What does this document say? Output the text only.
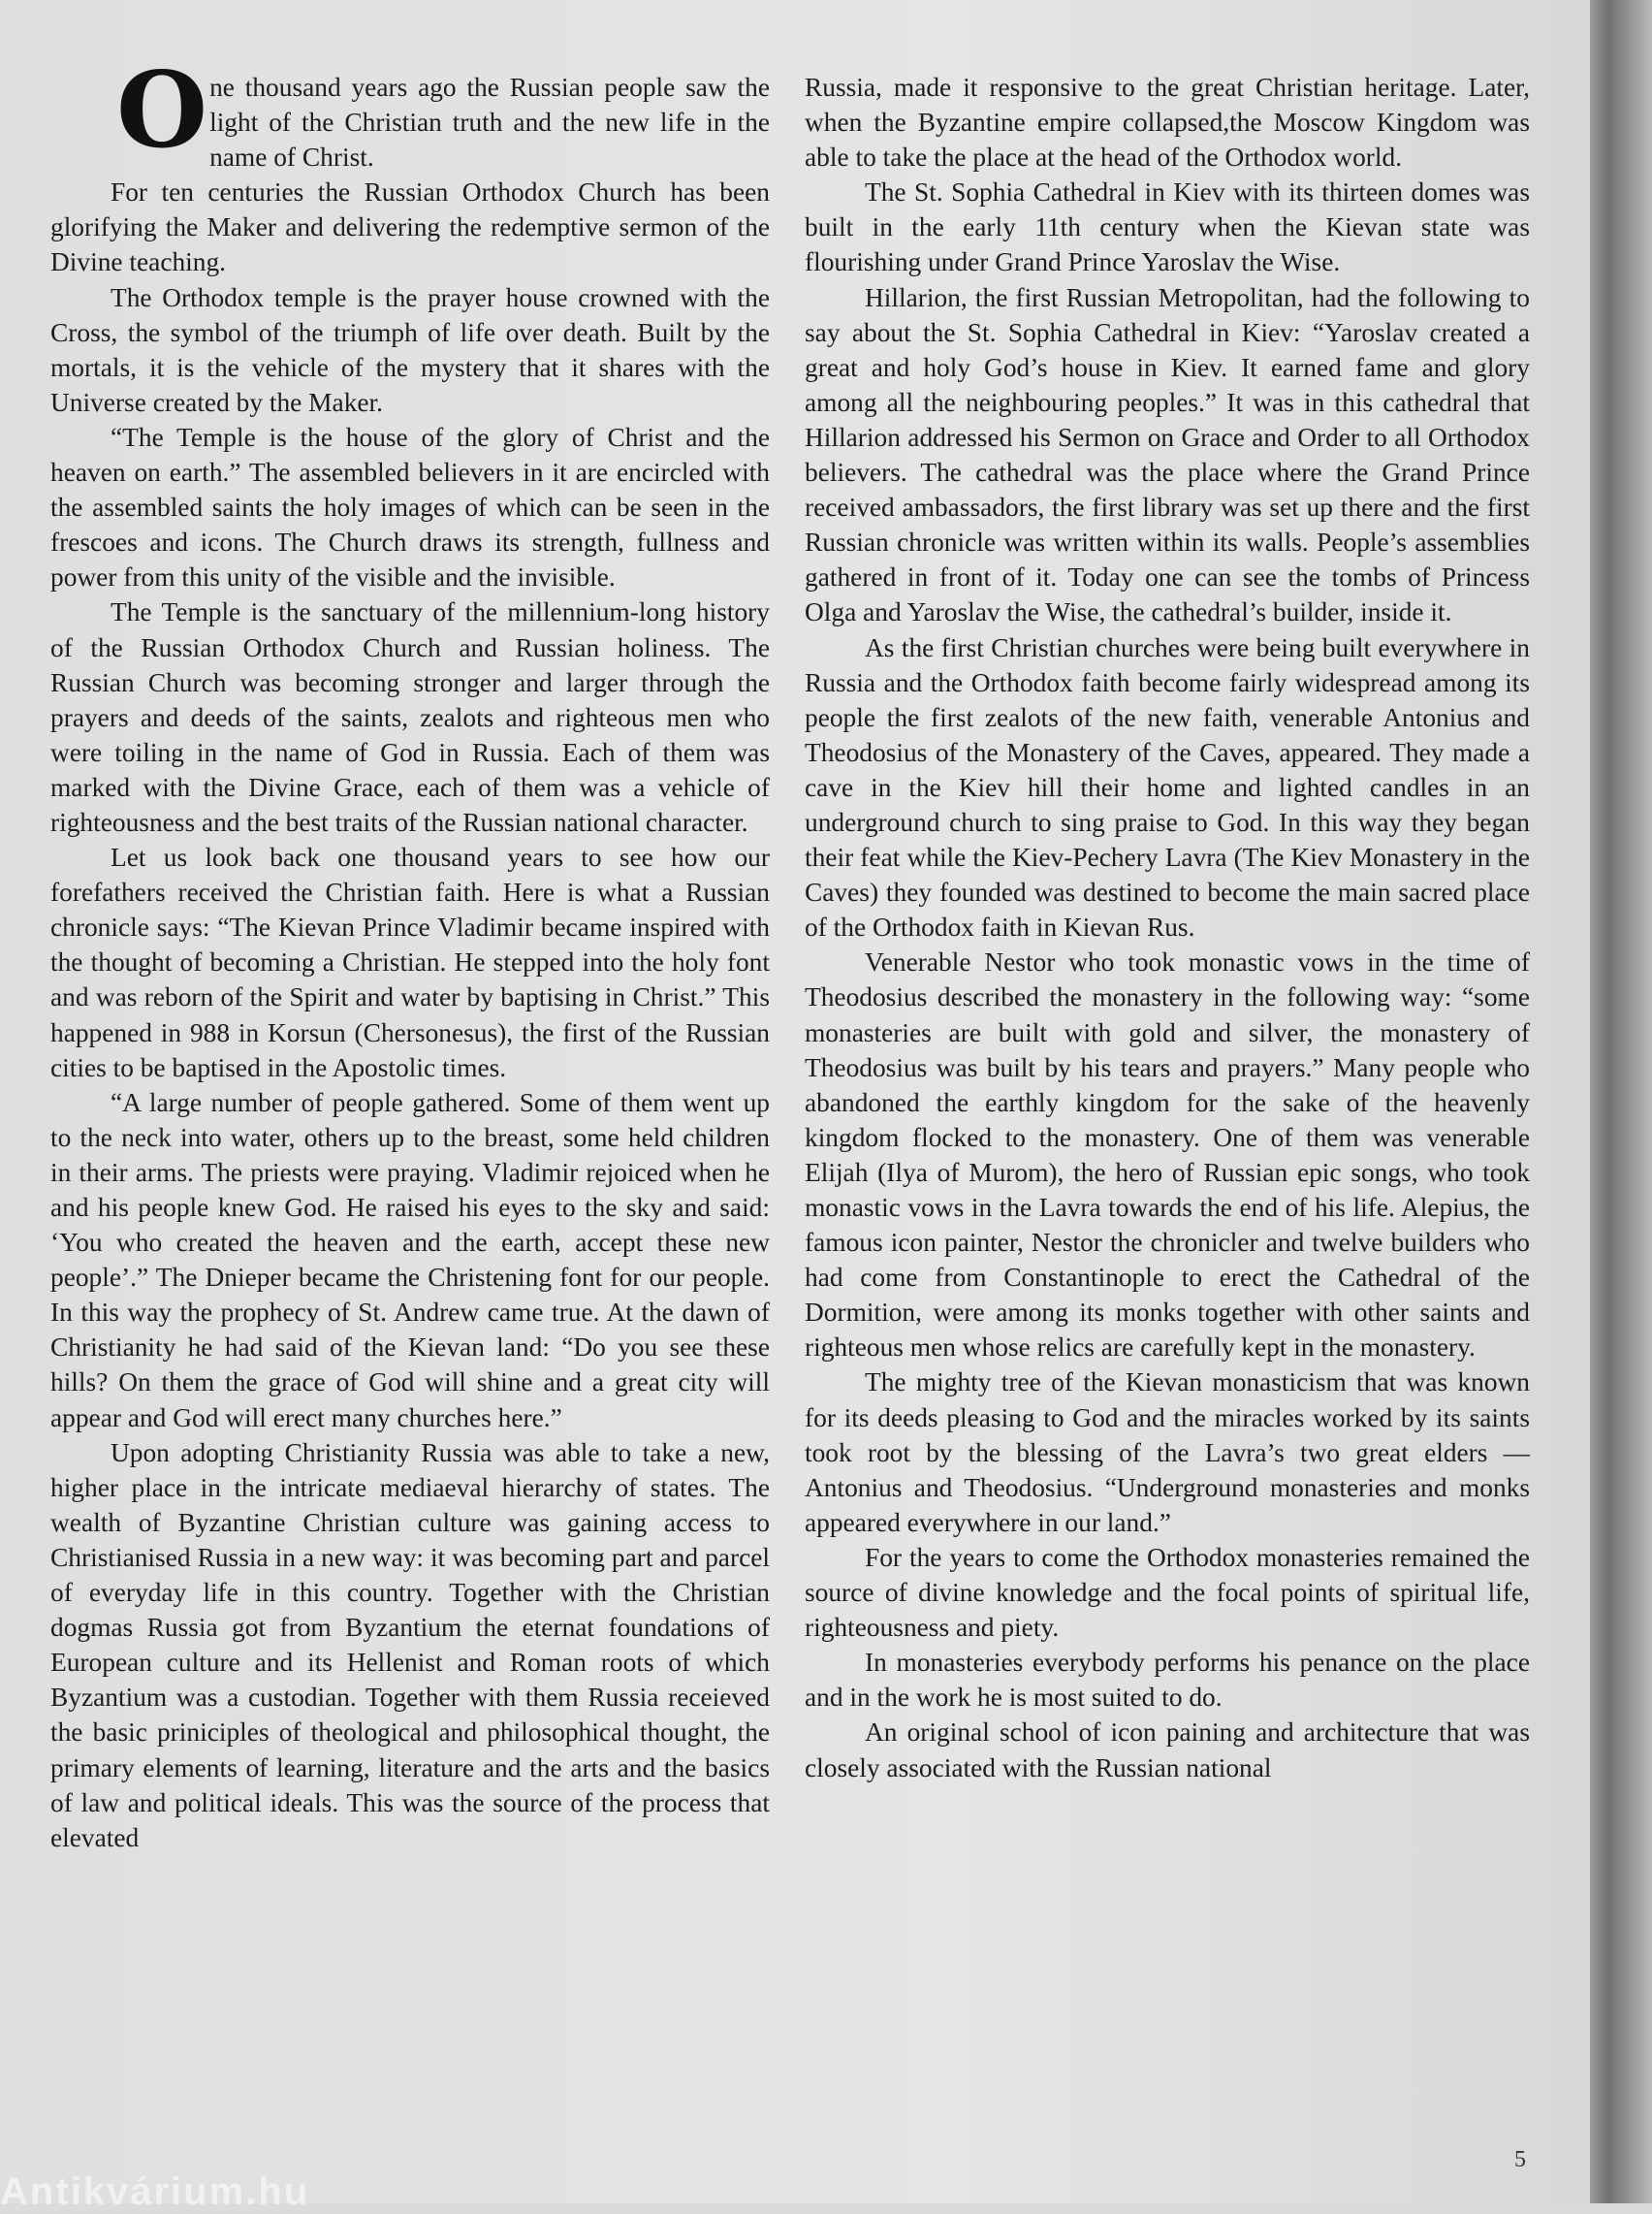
One thousand years ago the Russian people saw the light of the Christian truth and the new life in the name of Christ.

For ten centuries the Russian Orthodox Church has been glorifying the Maker and delivering the redemptive sermon of the Divine teaching.

The Orthodox temple is the prayer house crowned with the Cross, the symbol of the triumph of life over death. Built by the mortals, it is the vehicle of the mystery that it shares with the Universe created by the Maker.

“The Temple is the house of the glory of Christ and the heaven on earth.” The assembled believers in it are encircled with the assembled saints the holy images of which can be seen in the frescoes and icons. The Church draws its strength, fullness and power from this unity of the visible and the invisible.

The Temple is the sanctuary of the millennium-long history of the Russian Orthodox Church and Russian holiness. The Russian Church was becoming stronger and larger through the prayers and deeds of the saints, zealots and righteous men who were toiling in the name of God in Russia. Each of them was marked with the Divine Grace, each of them was a vehicle of righteousness and the best traits of the Russian national character.

Let us look back one thousand years to see how our forefathers received the Christian faith. Here is what a Russian chronicle says: “The Kievan Prince Vladimir became inspired with the thought of becoming a Christian. He stepped into the holy font and was reborn of the Spirit and water by baptising in Christ.” This happened in 988 in Korsun (Chersonesus), the first of the Russian cities to be baptised in the Apostolic times.

“A large number of people gathered. Some of them went up to the neck into water, others up to the breast, some held children in their arms. The priests were praying. Vladimir rejoiced when he and his people knew God. He raised his eyes to the sky and said: ‘You who created the heaven and the earth, accept these new people’.” The Dnieper became the Christening font for our people. In this way the prophecy of St. Andrew came true. At the dawn of Christianity he had said of the Kievan land: “Do you see these hills? On them the grace of God will shine and a great city will appear and God will erect many churches here.”

Upon adopting Christianity Russia was able to take a new, higher place in the intricate mediaeval hierarchy of states. The wealth of Byzantine Christian culture was gaining access to Christianised Russia in a new way: it was becoming part and parcel of everyday life in this country. Together with the Christian dogmas Russia got from Byzantium the eternat foundations of European culture and its Hellenist and Roman roots of which Byzantium was a custodian. Together with them Russia receieved the basic priniciples of theological and philosophical thought, the primary elements of learning, literature and the arts and the basics of law and political ideals. This was the source of the process that elevated

Russia, made it responsive to the great Christian heritage. Later, when the Byzantine empire collapsed,the Moscow Kingdom was able to take the place at the head of the Orthodox world.

The St. Sophia Cathedral in Kiev with its thirteen domes was built in the early 11th century when the Kievan state was flourishing under Grand Prince Yaroslav the Wise.

Hillarion, the first Russian Metropolitan, had the following to say about the St. Sophia Cathedral in Kiev: “Yaroslav created a great and holy God’s house in Kiev. It earned fame and glory among all the neighbouring peoples.” It was in this cathedral that Hillarion addressed his Sermon on Grace and Order to all Orthodox believers. The cathedral was the place where the Grand Prince received ambassadors, the first library was set up there and the first Russian chronicle was written within its walls. People’s assemblies gathered in front of it. Today one can see the tombs of Princess Olga and Yaroslav the Wise, the cathedral’s builder, inside it.

As the first Christian churches were being built everywhere in Russia and the Orthodox faith become fairly widespread among its people the first zealots of the new faith, venerable Antonius and Theodosius of the Monastery of the Caves, appeared. They made a cave in the Kiev hill their home and lighted candles in an underground church to sing praise to God. In this way they began their feat while the Kiev-Pechery Lavra (The Kiev Monastery in the Caves) they founded was destined to become the main sacred place of the Orthodox faith in Kievan Rus.

Venerable Nestor who took monastic vows in the time of Theodosius described the monastery in the following way: “some monasteries are built with gold and silver, the monastery of Theodosius was built by his tears and prayers.” Many people who abandoned the earthly kingdom for the sake of the heavenly kingdom flocked to the monastery. One of them was venerable Elijah (Ilya of Murom), the hero of Russian epic songs, who took monastic vows in the Lavra towards the end of his life. Alepius, the famous icon painter, Nestor the chronicler and twelve builders who had come from Constantinople to erect the Cathedral of the Dormition, were among its monks together with other saints and righteous men whose relics are carefully kept in the monastery.

The mighty tree of the Kievan monasticism that was known for its deeds pleasing to God and the miracles worked by its saints took root by the blessing of the Lavra’s two great elders — Antonius and Theodosius. “Underground monasteries and monks appeared everywhere in our land.”

For the years to come the Orthodox monasteries remained the source of divine knowledge and the focal points of spiritual life, righteousness and piety.

In monasteries everybody performs his penance on the place and in the work he is most suited to do.

An original school of icon paining and architecture that was closely associated with the Russian national

5
Antikvárium.hu
